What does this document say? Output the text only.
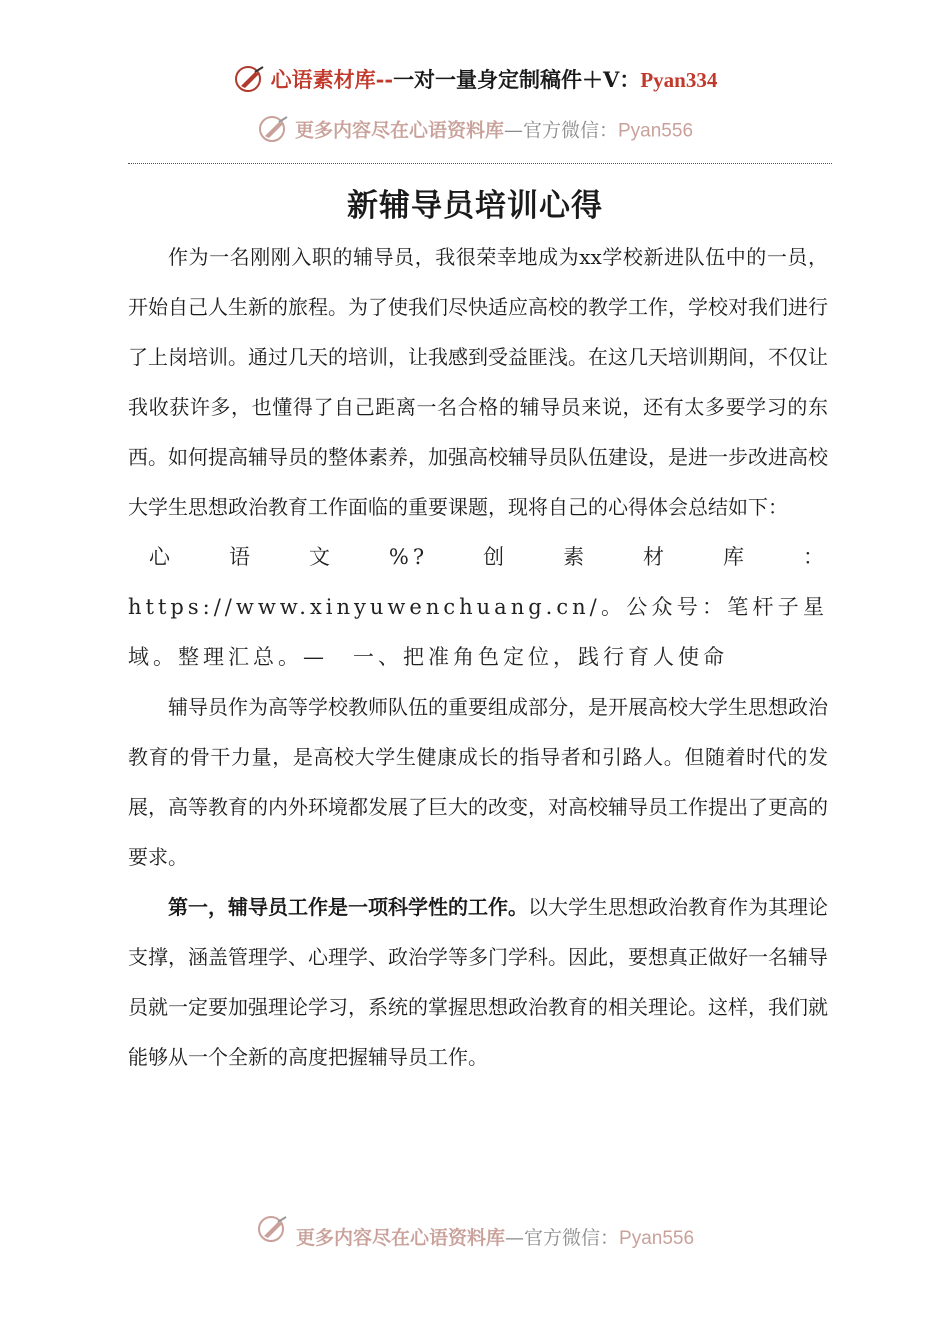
心语素材库--一对一量身定制稿件＋V：Pyan334
更多内容尽在心语资料库—官方微信：Pyan556
新辅导员培训心得

作为一名刚刚入职的辅导员，我很荣幸地成为xx学校新进队伍中的一员，开始自己人生新的旅程。为了使我们尽快适应高校的教学工作，学校对我们进行了上岗培训。通过几天的培训，让我感到受益匪浅。在这几天培训期间，不仅让我收获许多，也懂得了自己距离一名合格的辅导员来说，还有太多要学习的东西。如何提高辅导员的整体素养，加强高校辅导员队伍建设，是进一步改进高校大学生思想政治教育工作面临的重要课题，现将自己的心得体会总结如下：

心语文%?创素材库：https://www.xinyuwenchuang.cn/。公众号：笔杆子星域。整理汇总。—　一、把准角色定位，践行育人使命

辅导员作为高等学校教师队伍的重要组成部分，是开展高校大学生思想政治教育的骨干力量，是高校大学生健康成长的指导者和引路人。但随着时代的发展，高等教育的内外环境都发展了巨大的改变，对高校辅导员工作提出了更高的要求。

第一，辅导员工作是一项科学性的工作。以大学生思想政治教育作为其理论支撑，涵盖管理学、心理学、政治学等多门学科。因此，要想真正做好一名辅导员就一定要加强理论学习，系统的掌握思想政治教育的相关理论。这样，我们就能够从一个全新的高度把握辅导员工作。

更多内容尽在心语资料库—官方微信：Pyan556
